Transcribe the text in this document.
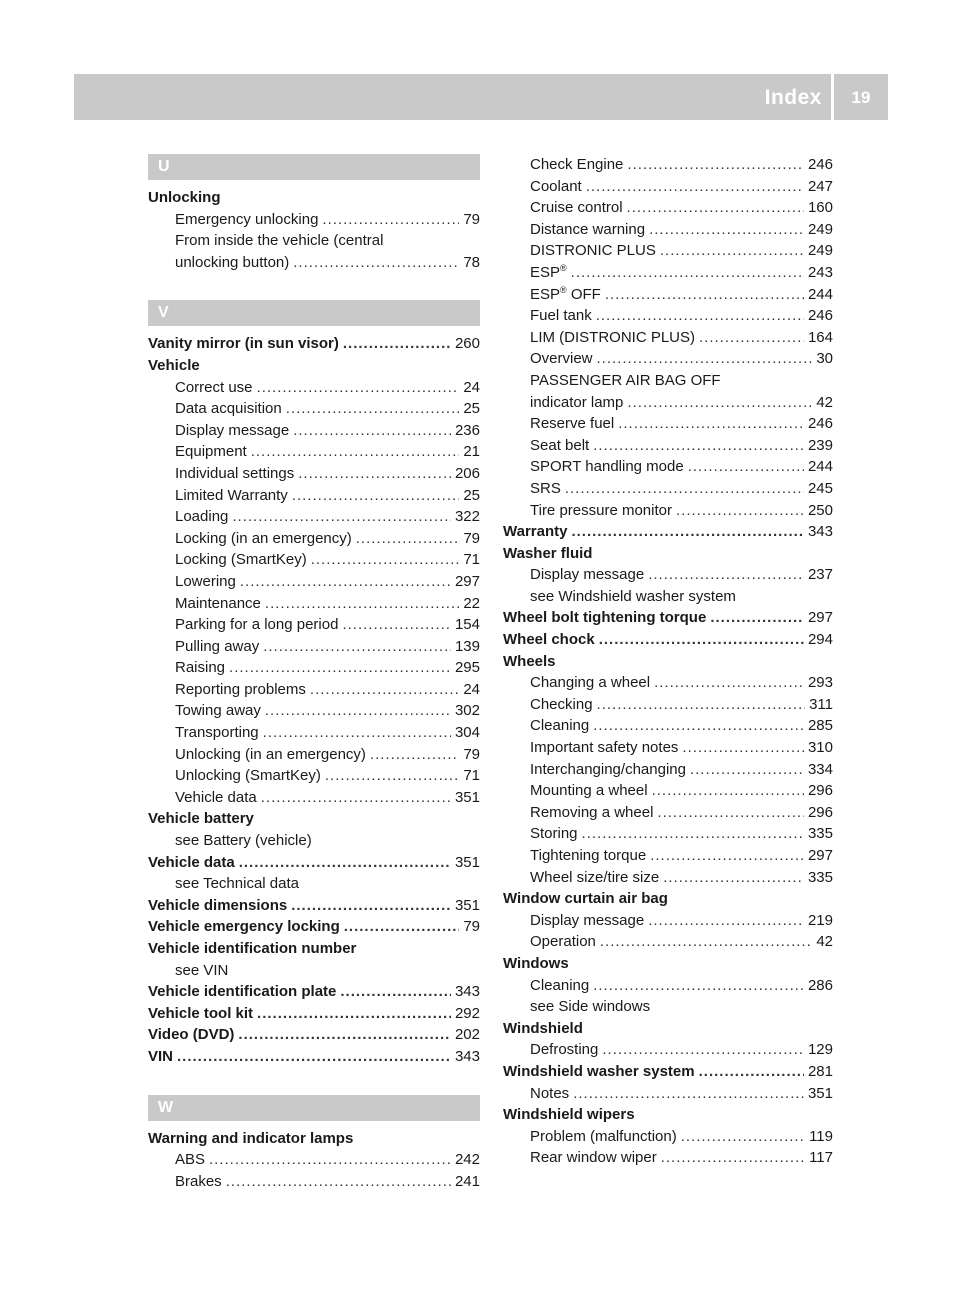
Index	19
U
Unlocking
Emergency unlocking .....	79
From inside the vehicle (central
unlocking button) .....	78
V
Vanity mirror (in sun visor) .....	260
Vehicle
Correct use .....	24
Data acquisition .....	25
Display message .....	236
Equipment .....	21
Individual settings .....	206
Limited Warranty .....	25
Loading .....	322
Locking (in an emergency) .....	79
Locking (SmartKey) .....	71
Lowering .....	297
Maintenance .....	22
Parking for a long period .....	154
Pulling away .....	139
Raising .....	295
Reporting problems .....	24
Towing away .....	302
Transporting .....	304
Unlocking (in an emergency) .....	79
Unlocking (SmartKey) .....	71
Vehicle data .....	351
Vehicle battery
see Battery (vehicle)
Vehicle data .....	351
see Technical data
Vehicle dimensions .....	351
Vehicle emergency locking .....	79
Vehicle identification number
see VIN
Vehicle identification plate .....	343
Vehicle tool kit .....	292
Video (DVD) .....	202
VIN .....	343
W
Warning and indicator lamps
ABS .....	242
Brakes .....	241
Check Engine .....	246
Coolant .....	247
Cruise control .....	160
Distance warning .....	249
DISTRONIC PLUS .....	249
ESP® .....	243
ESP® OFF .....	244
Fuel tank .....	246
LIM (DISTRONIC PLUS) .....	164
Overview .....	30
PASSENGER AIR BAG OFF
indicator lamp .....	42
Reserve fuel .....	246
Seat belt .....	239
SPORT handling mode .....	244
SRS .....	245
Tire pressure monitor .....	250
Warranty .....	343
Washer fluid
Display message .....	237
see Windshield washer system
Wheel bolt tightening torque .....	297
Wheel chock .....	294
Wheels
Changing a wheel .....	293
Checking .....	311
Cleaning .....	285
Important safety notes .....	310
Interchanging/changing .....	334
Mounting a wheel .....	296
Removing a wheel .....	296
Storing .....	335
Tightening torque .....	297
Wheel size/tire size .....	335
Window curtain air bag
Display message .....	219
Operation .....	42
Windows
Cleaning .....	286
see Side windows
Windshield
Defrosting .....	129
Windshield washer system .....	281
Notes .....	351
Windshield wipers
Problem (malfunction) .....	119
Rear window wiper .....	117
